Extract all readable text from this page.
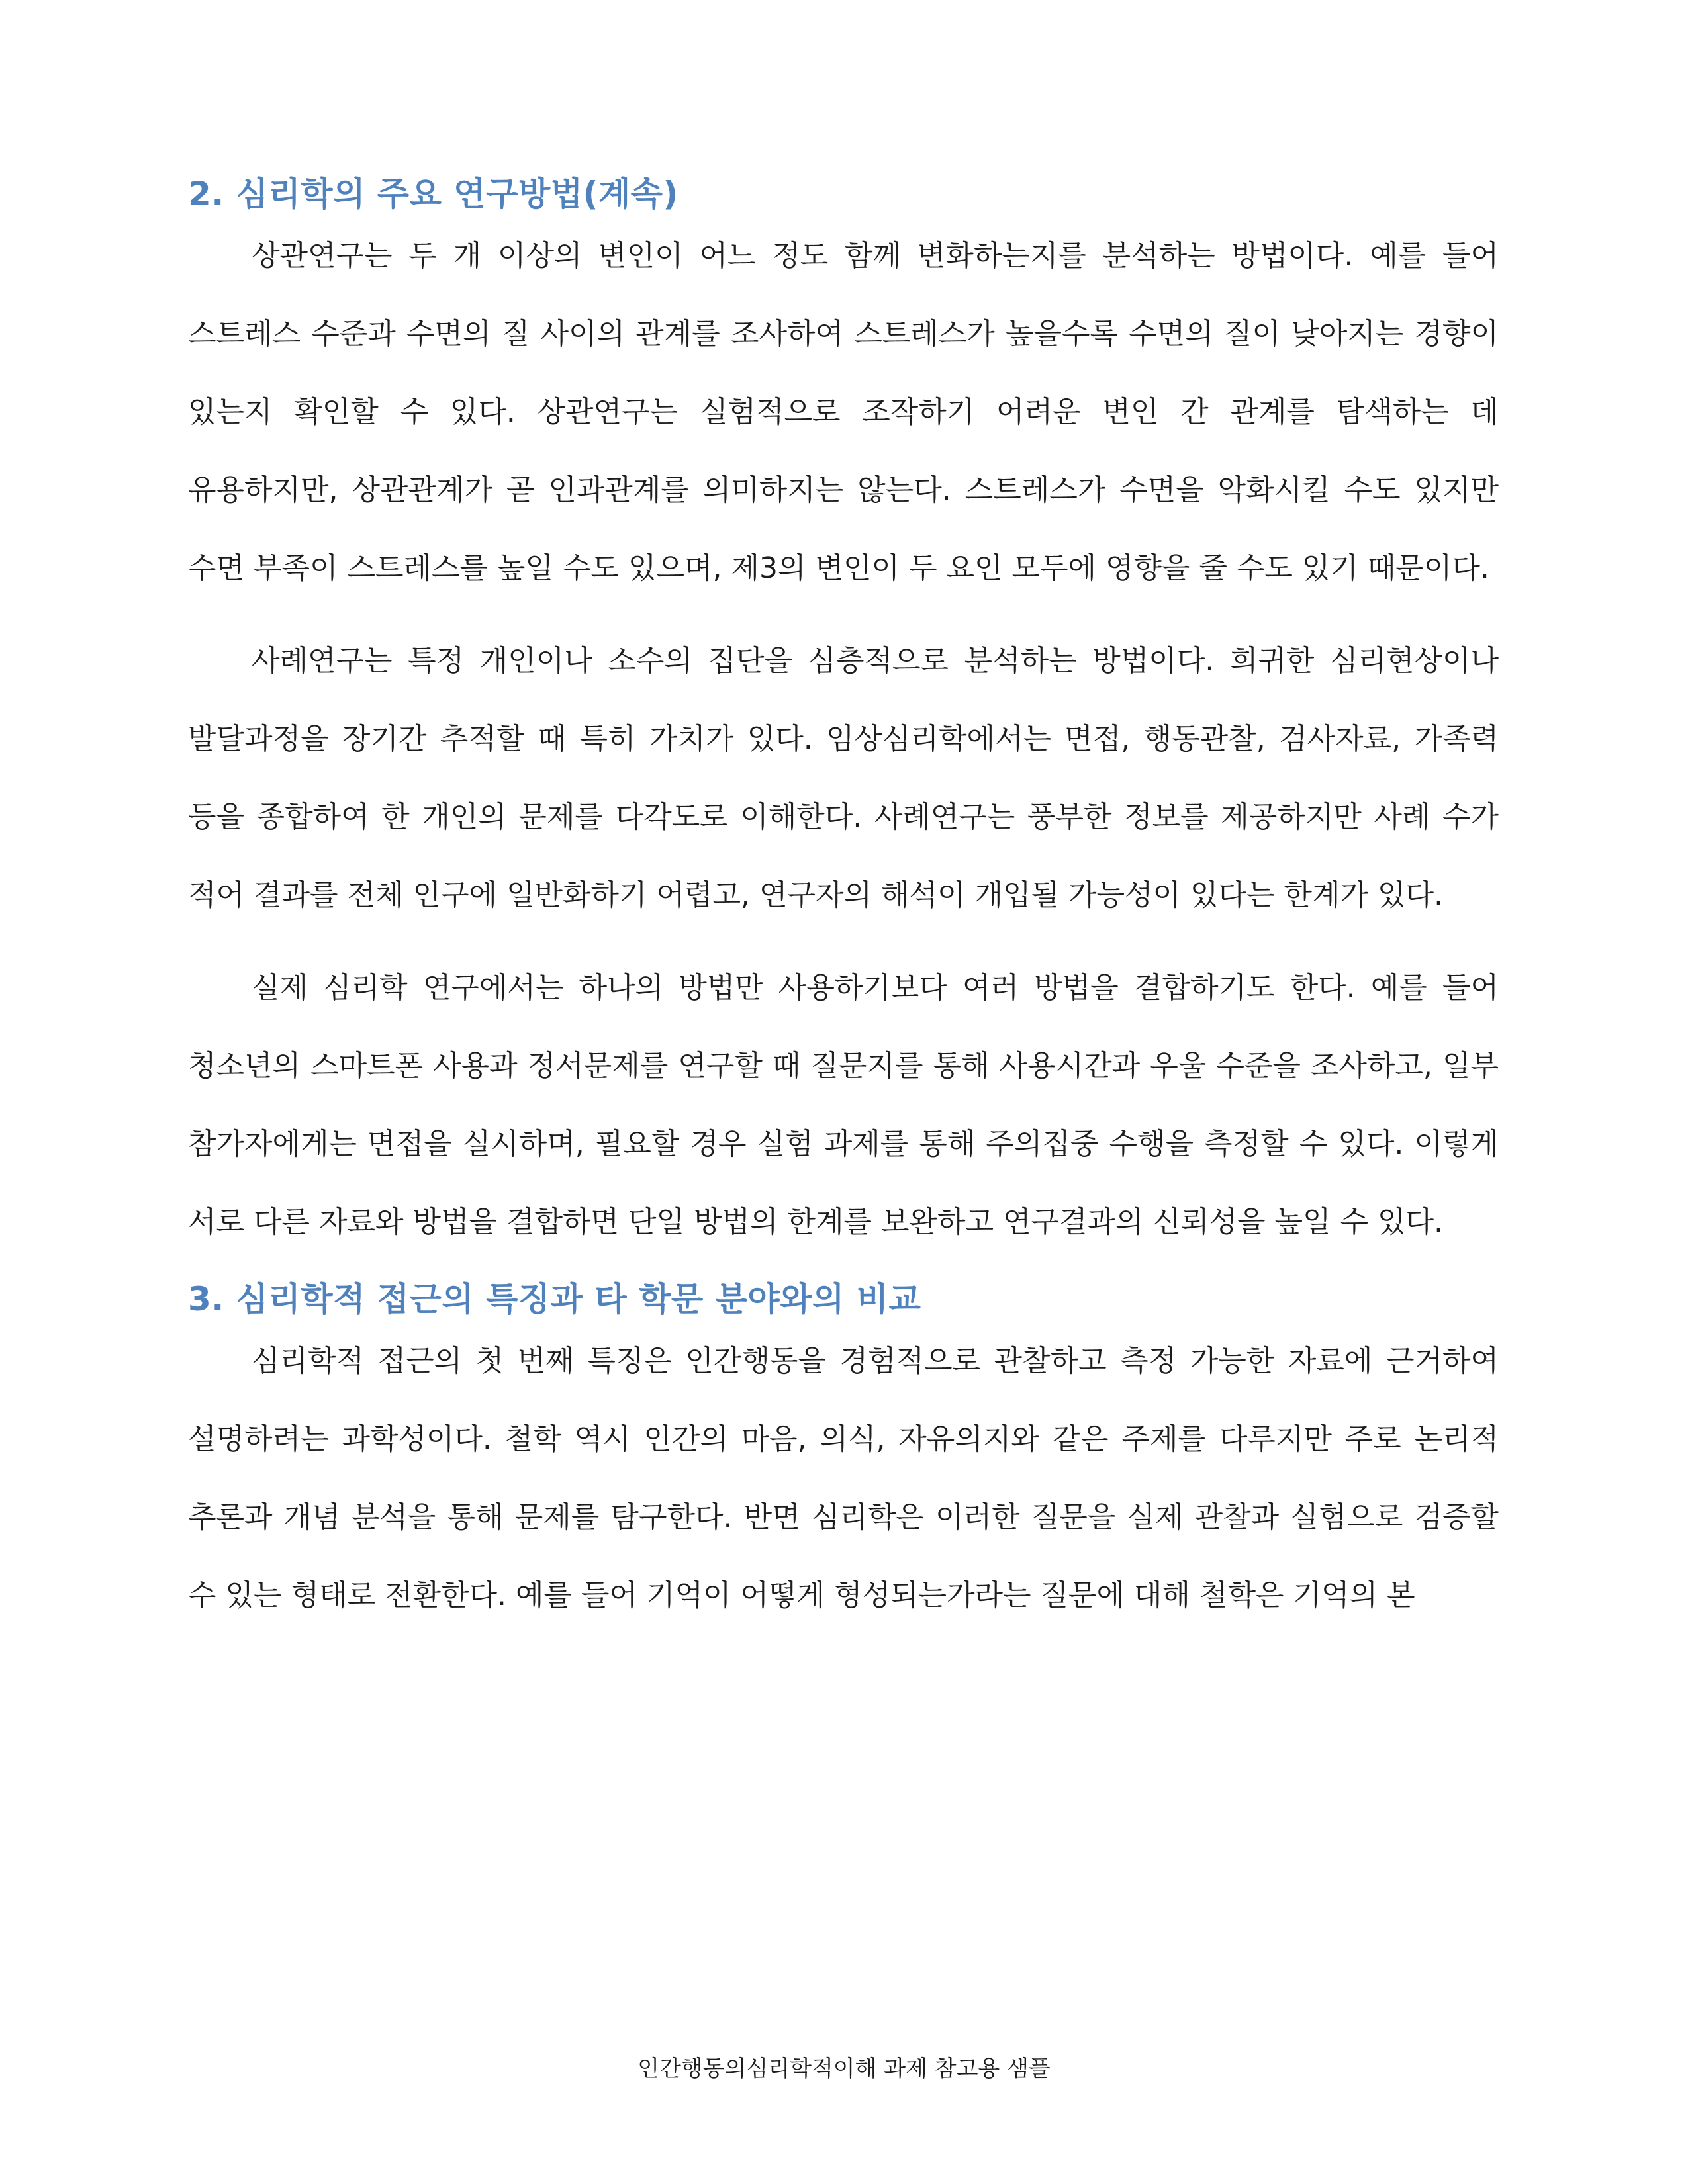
2. 심리학의 주요 연구방법(계속)

상관연구는 두 개 이상의 변인이 어느 정도 함께 변화하는지를 분석하는 방법이다. 예를 들어 스트레스 수준과 수면의 질 사이의 관계를 조사하여 스트레스가 높을수록 수면의 질이 낮아지는 경향이 있는지 확인할 수 있다. 상관연구는 실험적으로 조작하기 어려운 변인 간 관계를 탐색하는 데 유용하지만, 상관관계가 곧 인과관계를 의미하지는 않는다. 스트레스가 수면을 악화시킬 수도 있지만 수면 부족이 스트레스를 높일 수도 있으며, 제3의 변인이 두 요인 모두에 영향을 줄 수도 있기 때문이다.

사례연구는 특정 개인이나 소수의 집단을 심층적으로 분석하는 방법이다. 희귀한 심리현상이나 발달과정을 장기간 추적할 때 특히 가치가 있다. 임상심리학에서는 면접, 행동관찰, 검사자료, 가족력 등을 종합하여 한 개인의 문제를 다각도로 이해한다. 사례연구는 풍부한 정보를 제공하지만 사례 수가 적어 결과를 전체 인구에 일반화하기 어렵고, 연구자의 해석이 개입될 가능성이 있다는 한계가 있다.

실제 심리학 연구에서는 하나의 방법만 사용하기보다 여러 방법을 결합하기도 한다. 예를 들어 청소년의 스마트폰 사용과 정서문제를 연구할 때 질문지를 통해 사용시간과 우울 수준을 조사하고, 일부 참가자에게는 면접을 실시하며, 필요할 경우 실험 과제를 통해 주의집중 수행을 측정할 수 있다. 이렇게 서로 다른 자료와 방법을 결합하면 단일 방법의 한계를 보완하고 연구결과의 신뢰성을 높일 수 있다.

3. 심리학적 접근의 특징과 타 학문 분야와의 비교

심리학적 접근의 첫 번째 특징은 인간행동을 경험적으로 관찰하고 측정 가능한 자료에 근거하여 설명하려는 과학성이다. 철학 역시 인간의 마음, 의식, 자유의지와 같은 주제를 다루지만 주로 논리적 추론과 개념 분석을 통해 문제를 탐구한다. 반면 심리학은 이러한 질문을 실제 관찰과 실험으로 검증할 수 있는 형태로 전환한다. 예를 들어 기억이 어떻게 형성되는가라는 질문에 대해 철학은 기억의 본

인간행동의심리학적이해 과제 참고용 샘플
